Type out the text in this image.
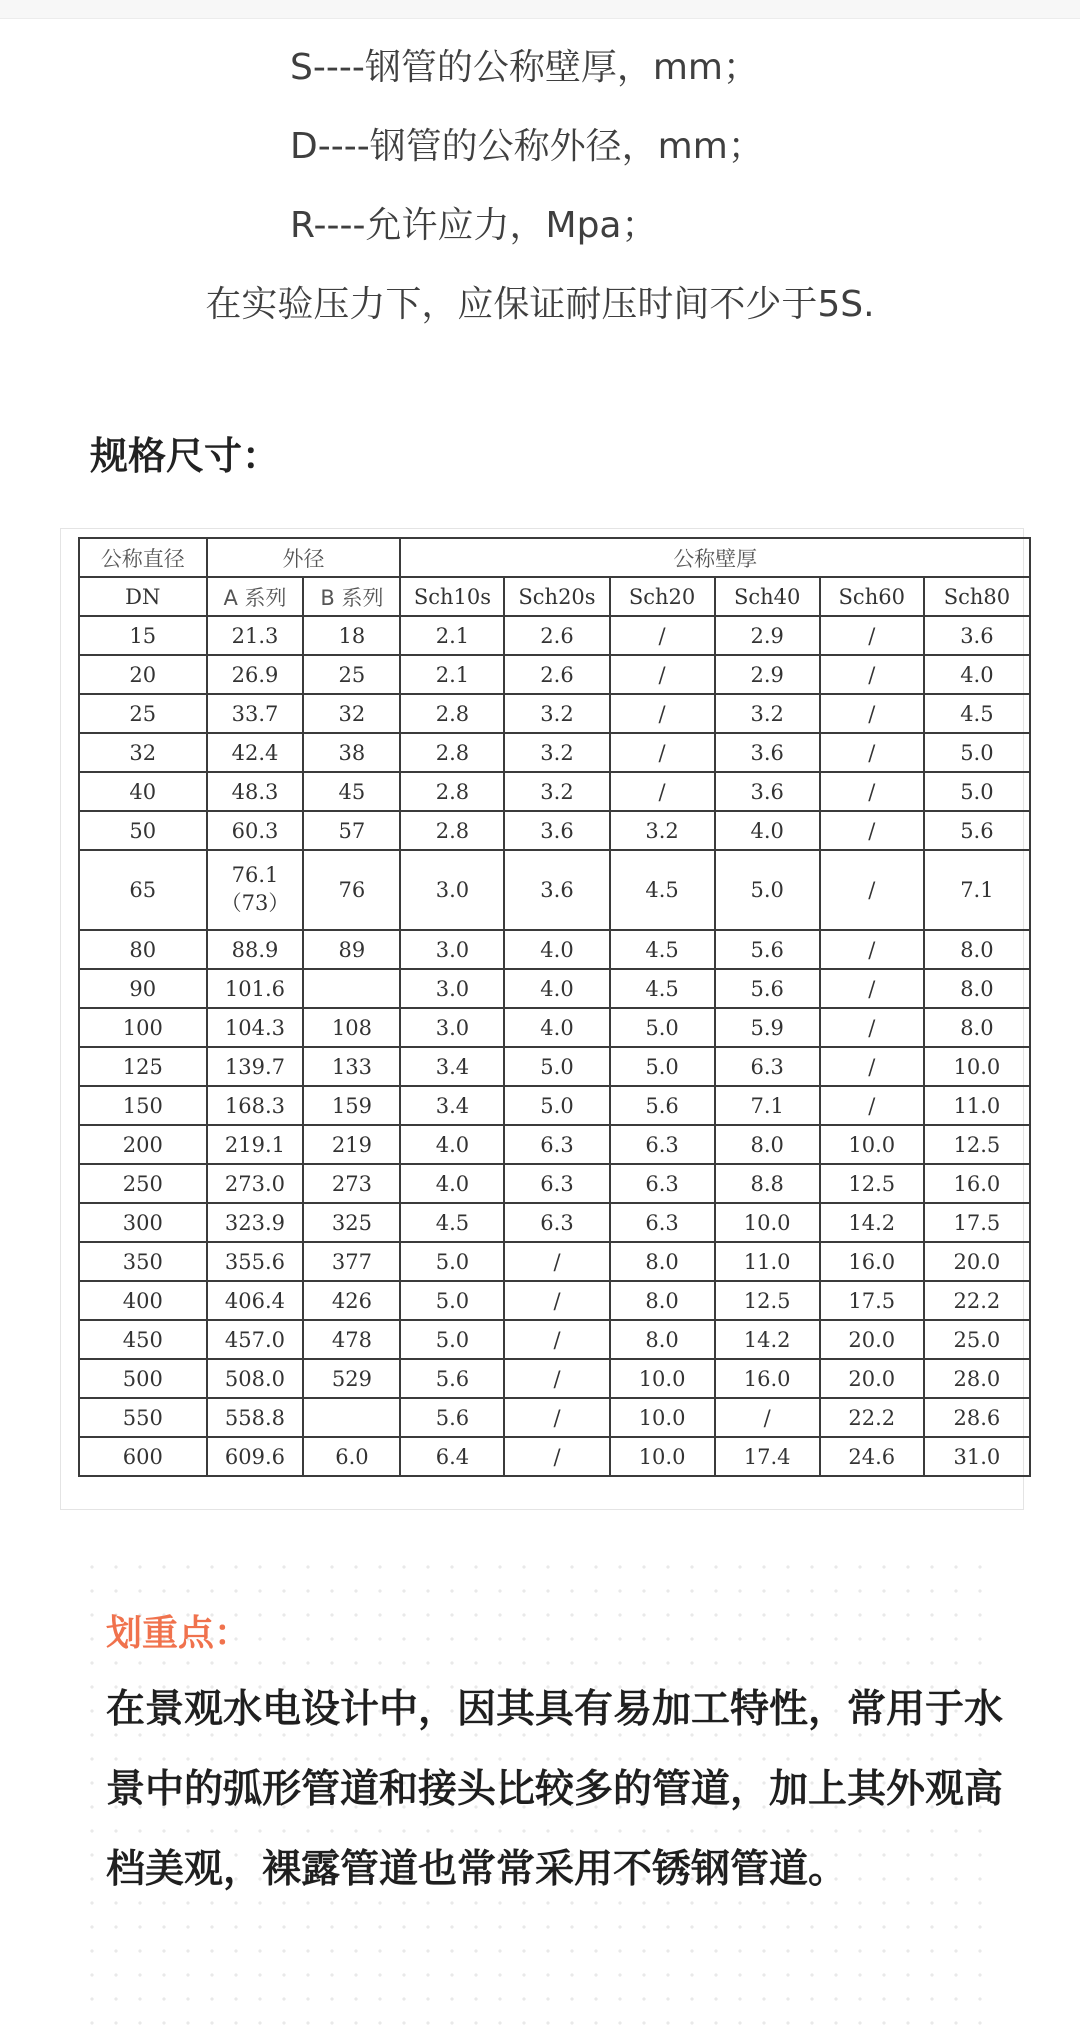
S----钢管的公称壁厚，mm；
D----钢管的公称外径，mm；
R----允许应力，Mpa；
在实验压力下，应保证耐压时间不少于5S.
规格尺寸：
公称直径	外径		公称壁厚					
DN	A 系列	B 系列	Sch10s	Sch20s	Sch20	Sch40	Sch60	Sch80
15	21.3	18	2.1	2.6	/	2.9	/	3.6
20	26.9	25	2.1	2.6	/	2.9	/	4.0
25	33.7	32	2.8	3.2	/	3.2	/	4.5
32	42.4	38	2.8	3.2	/	3.6	/	5.0
40	48.3	45	2.8	3.2	/	3.6	/	5.0
50	60.3	57	2.8	3.6	3.2	4.0	/	5.6
65	76.1
（73）	76	3.0	3.6	4.5	5.0	/	7.1
80	88.9	89	3.0	4.0	4.5	5.6	/	8.0
90	101.6		3.0	4.0	4.5	5.6	/	8.0
100	104.3	108	3.0	4.0	5.0	5.9	/	8.0
125	139.7	133	3.4	5.0	5.0	6.3	/	10.0
150	168.3	159	3.4	5.0	5.6	7.1	/	11.0
200	219.1	219	4.0	6.3	6.3	8.0	10.0	12.5
250	273.0	273	4.0	6.3	6.3	8.8	12.5	16.0
300	323.9	325	4.5	6.3	6.3	10.0	14.2	17.5
350	355.6	377	5.0	/	8.0	11.0	16.0	20.0
400	406.4	426	5.0	/	8.0	12.5	17.5	22.2
450	457.0	478	5.0	/	8.0	14.2	20.0	25.0
500	508.0	529	5.6	/	10.0	16.0	20.0	28.0
550	558.8		5.6	/	10.0	/	22.2	28.6
600	609.6	6.0	6.4	/	10.0	17.4	24.6	31.0
划重点：
在景观水电设计中，因其具有易加工特性，常用于水景中的弧形管道和接头比较多的管道，加上其外观高档美观，裸露管道也常常采用不锈钢管道。
